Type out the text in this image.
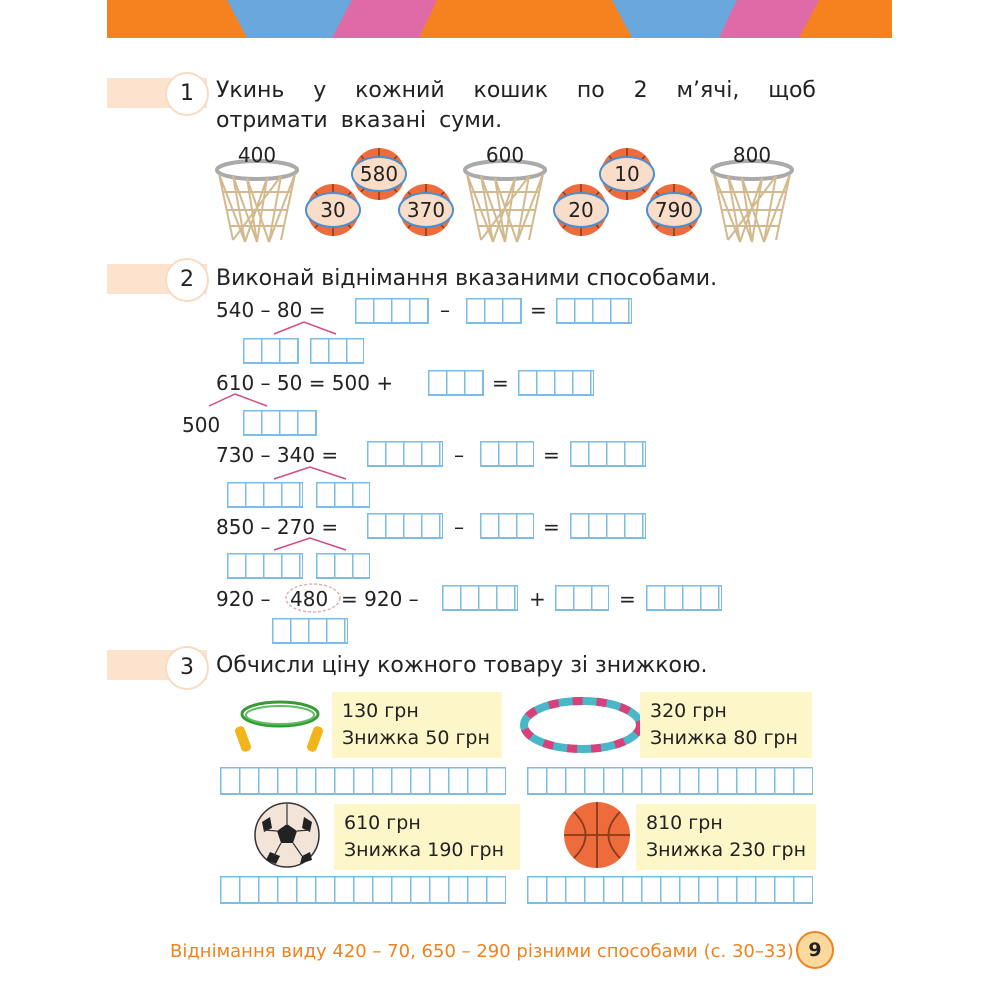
1	Укинь у кожний кошик по 2 м’ячі, щоб отримати вказані суми.
400	600	800
580
30	370
10
20	790
2	Виконай віднімання вказаними способами.
540 – 80 =	–	=
610 – 50 = 500 +	=
500
730 – 340 =	–	=
850 – 270 =	–	=
920 – 480 = 920 –	+	=
3	Обчисли ціну кожного товару зі знижкою.
130 грн
Знижка 50 грн
320 грн
Знижка 80 грн
610 грн
Знижка 190 грн
810 грн
Знижка 230 грн
Віднімання виду 420 – 70, 650 – 290 різними способами (с. 30–33) 9
